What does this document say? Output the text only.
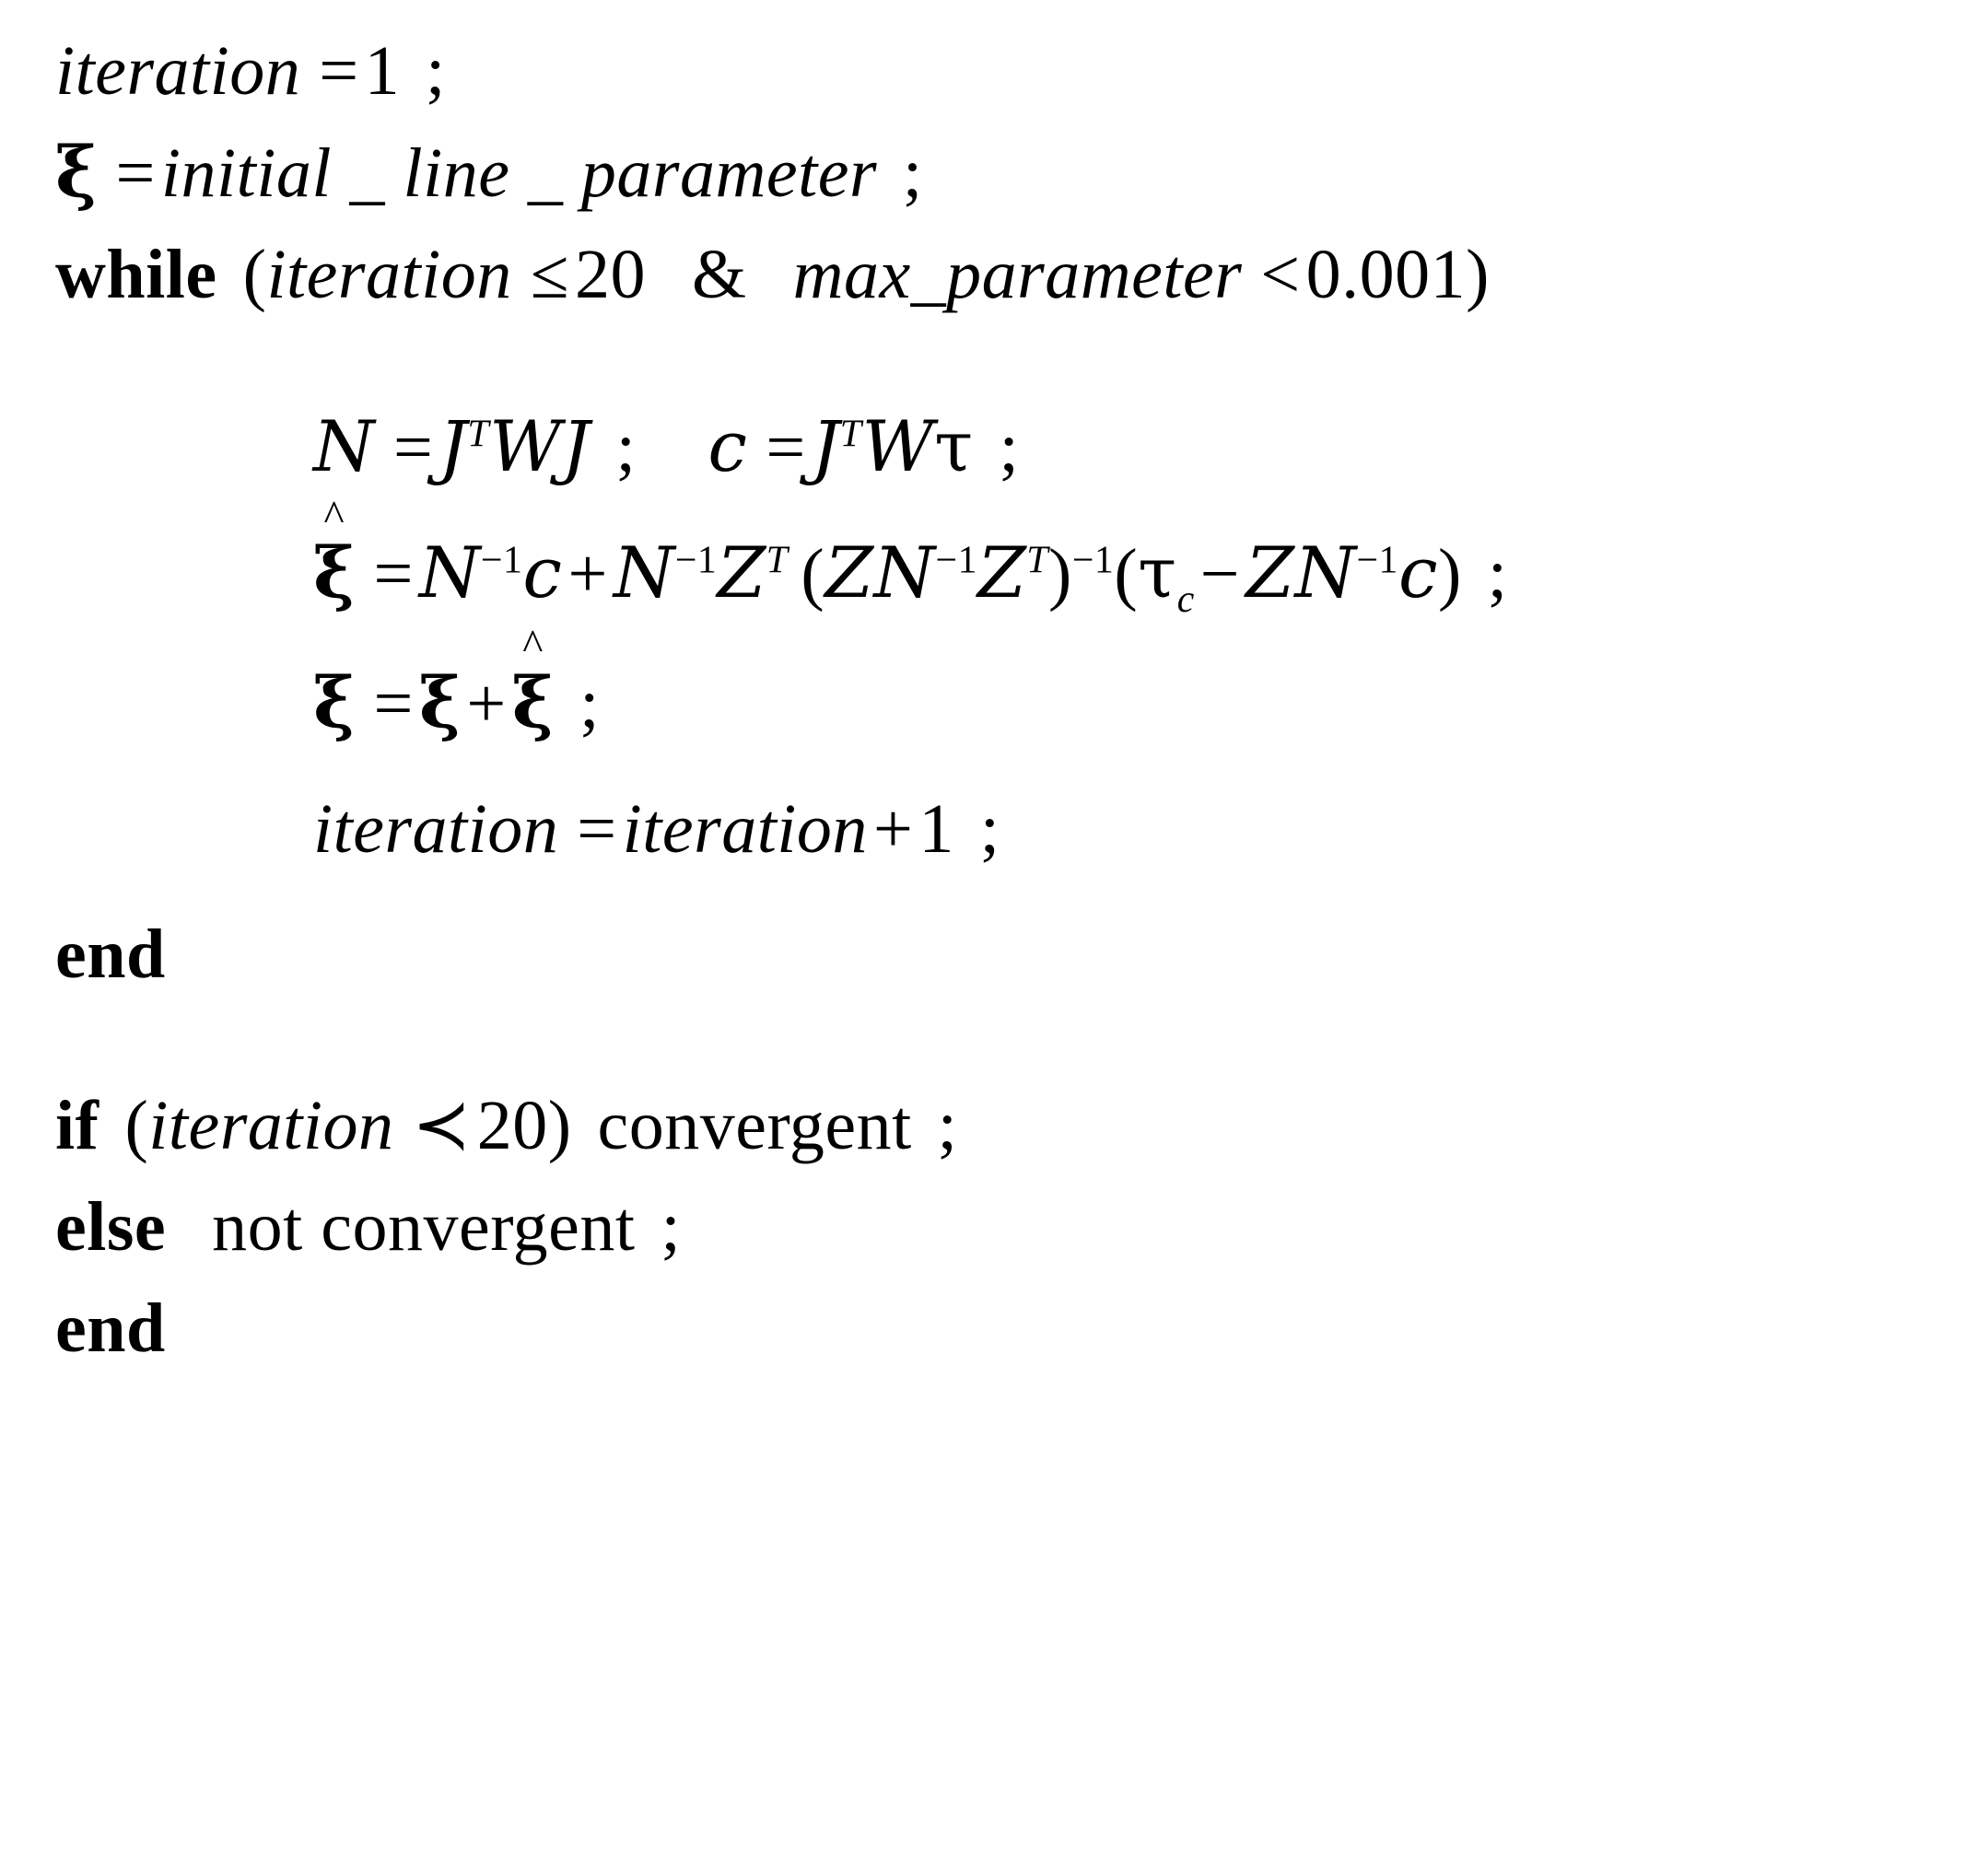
iteration =1 ;
ξ =initial _ line _ parameter ;
while (iteration ≤20 & max_parameter <0.001)
$N =J^TWJ$ ; $c =J^TW\tau$ ;
^
$\xi =N^{-1}c+N^{-1}Z^T$ $(ZN^{-1}Z^T)^{-1}(\tau_c-ZN^{-1}c)$ ;
ξ =ξ+
^
ξ ;
iteration =iteration+1 ;
end
if (iteration ≺20) convergent ;
else not convergent ;
end
